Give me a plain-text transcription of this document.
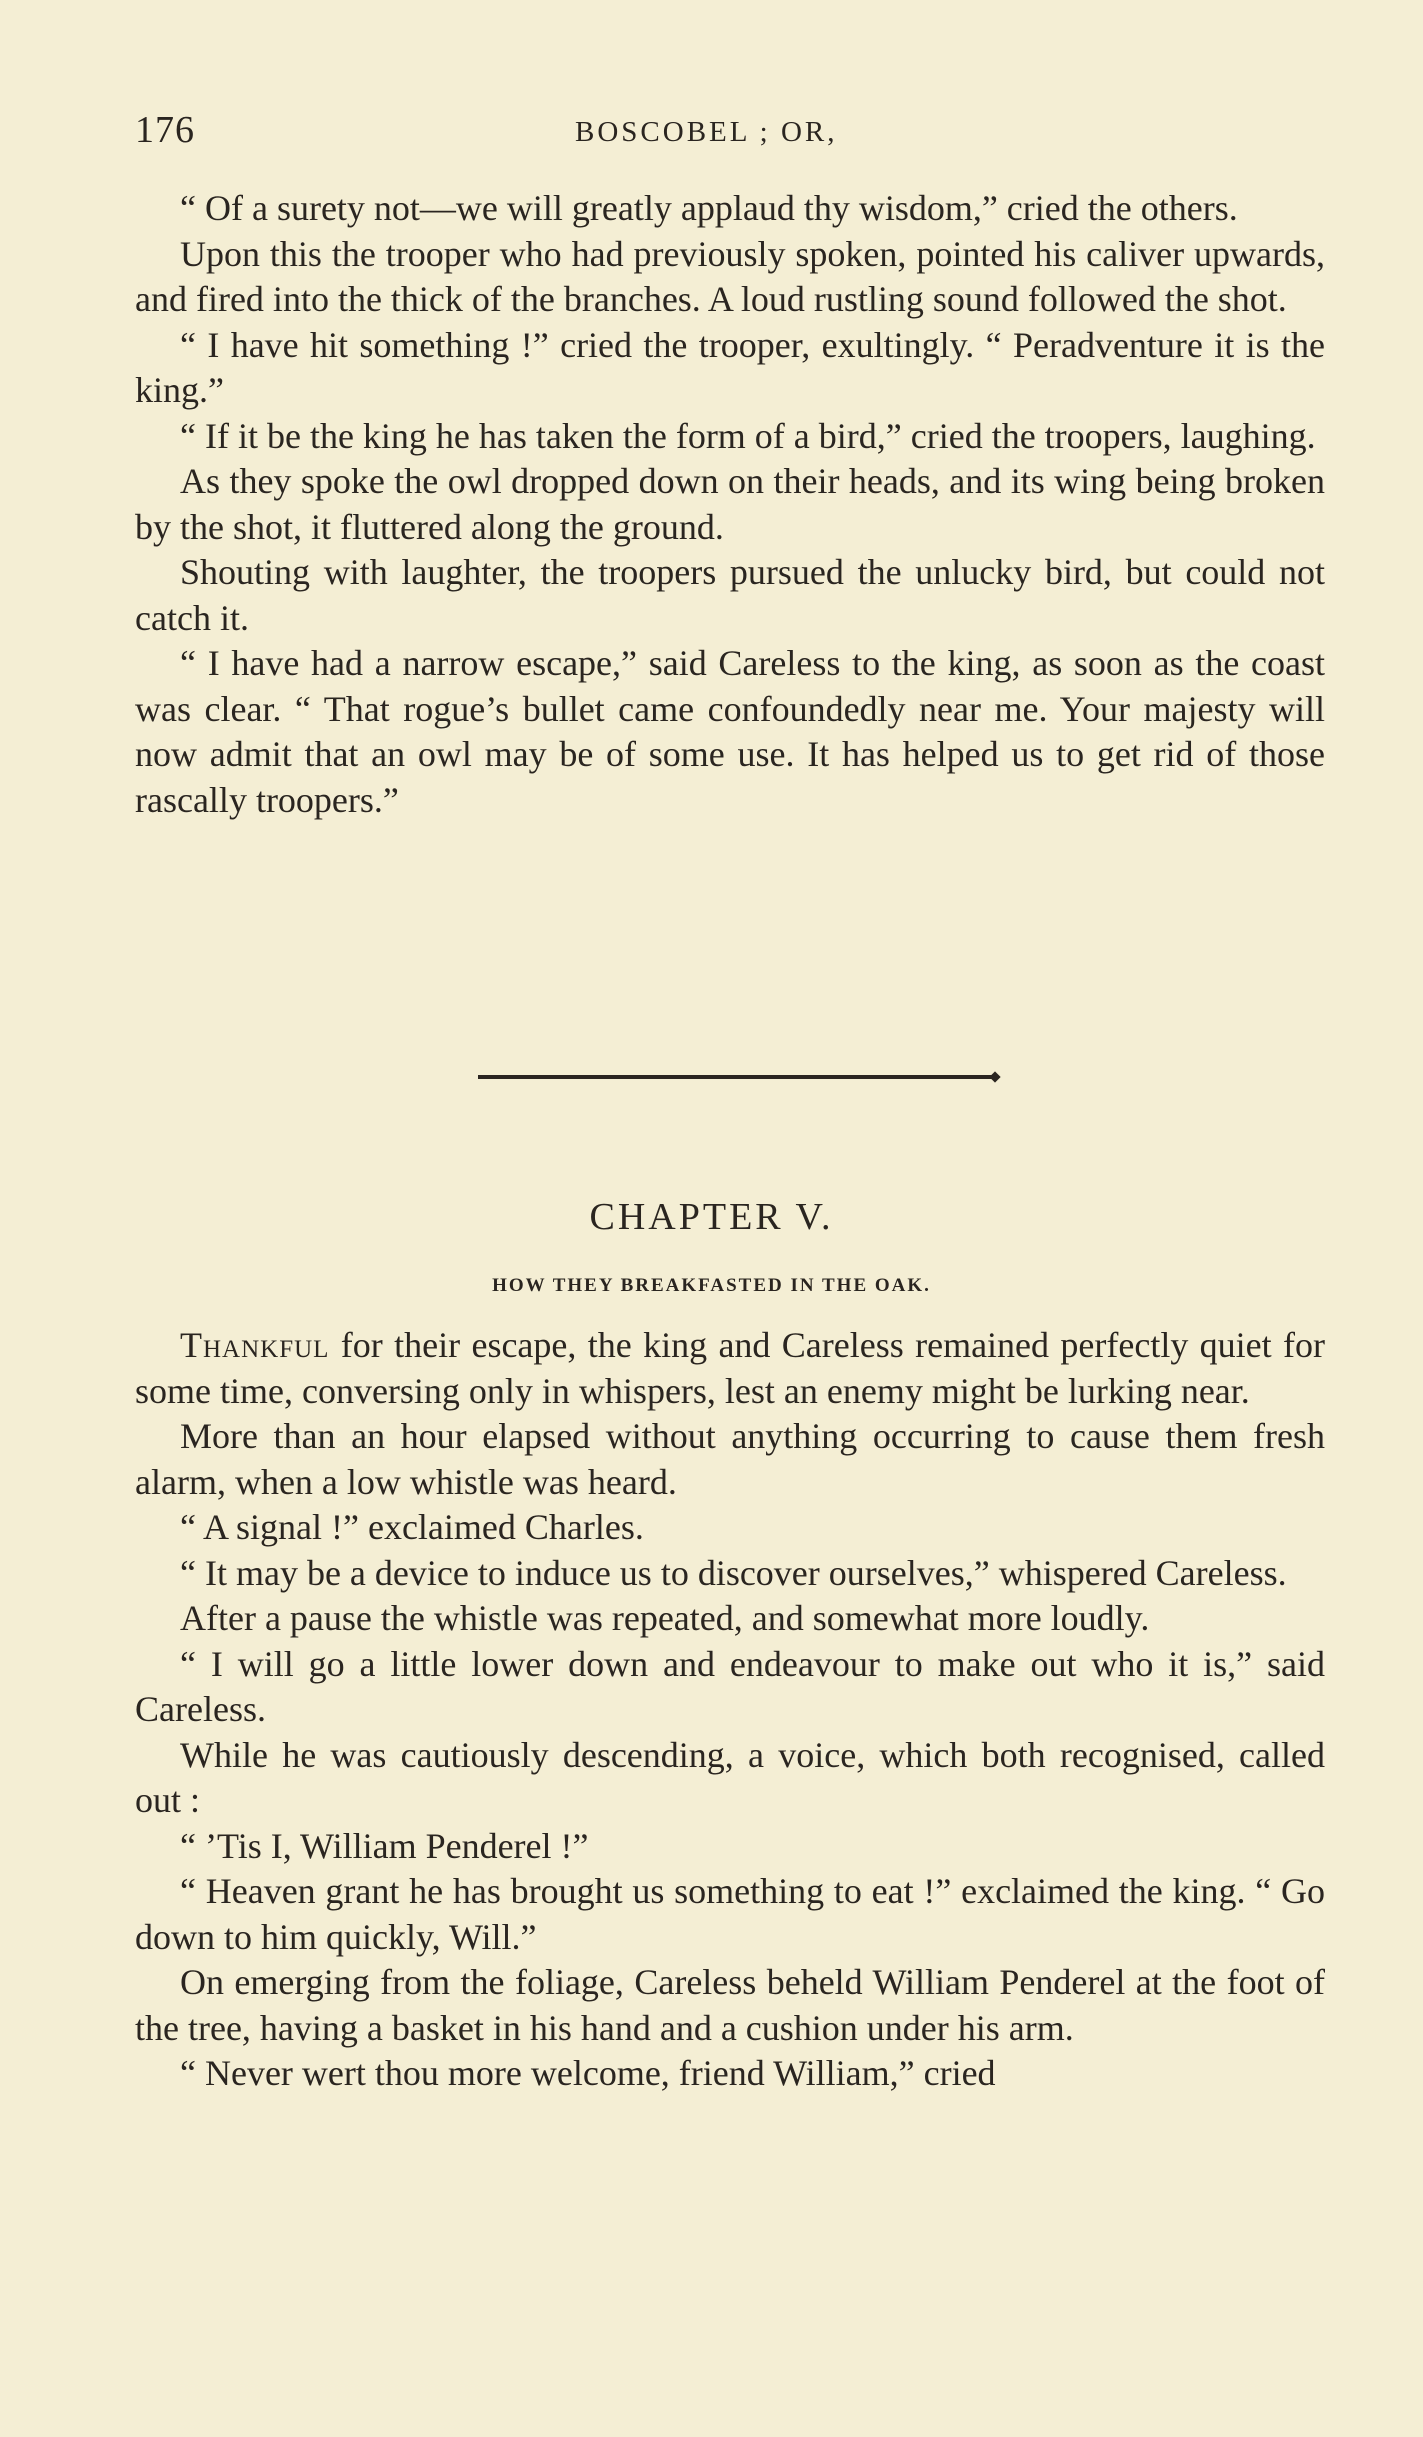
176	BOSCOBEL ; OR,

“ Of a surety not—we will greatly applaud thy wisdom,” cried the others.

Upon this the trooper who had previously spoken, pointed his caliver upwards, and fired into the thick of the branches. A loud rustling sound followed the shot.

“ I have hit something !” cried the trooper, exultingly. “ Peradventure it is the king.”

“ If it be the king he has taken the form of a bird,” cried the troopers, laughing.

As they spoke the owl dropped down on their heads, and its wing being broken by the shot, it fluttered along the ground.

Shouting with laughter, the troopers pursued the unlucky bird, but could not catch it.

“ I have had a narrow escape,” said Careless to the king, as soon as the coast was clear. “ That rogue’s bullet came confoundedly near me. Your majesty will now admit that an owl may be of some use. It has helped us to get rid of those rascally troopers.”

CHAPTER V.
HOW THEY BREAKFASTED IN THE OAK.

Thankful for their escape, the king and Careless remained perfectly quiet for some time, conversing only in whispers, lest an enemy might be lurking near.

More than an hour elapsed without anything occurring to cause them fresh alarm, when a low whistle was heard.

“ A signal !” exclaimed Charles.

“ It may be a device to induce us to discover ourselves,” whispered Careless.

After a pause the whistle was repeated, and somewhat more loudly.

“ I will go a little lower down and endeavour to make out who it is,” said Careless.

While he was cautiously descending, a voice, which both recognised, called out :

“ ’Tis I, William Penderel !”

“ Heaven grant he has brought us something to eat !” exclaimed the king. “ Go down to him quickly, Will.”

On emerging from the foliage, Careless beheld William Penderel at the foot of the tree, having a basket in his hand and a cushion under his arm.

“ Never wert thou more welcome, friend William,” cried
